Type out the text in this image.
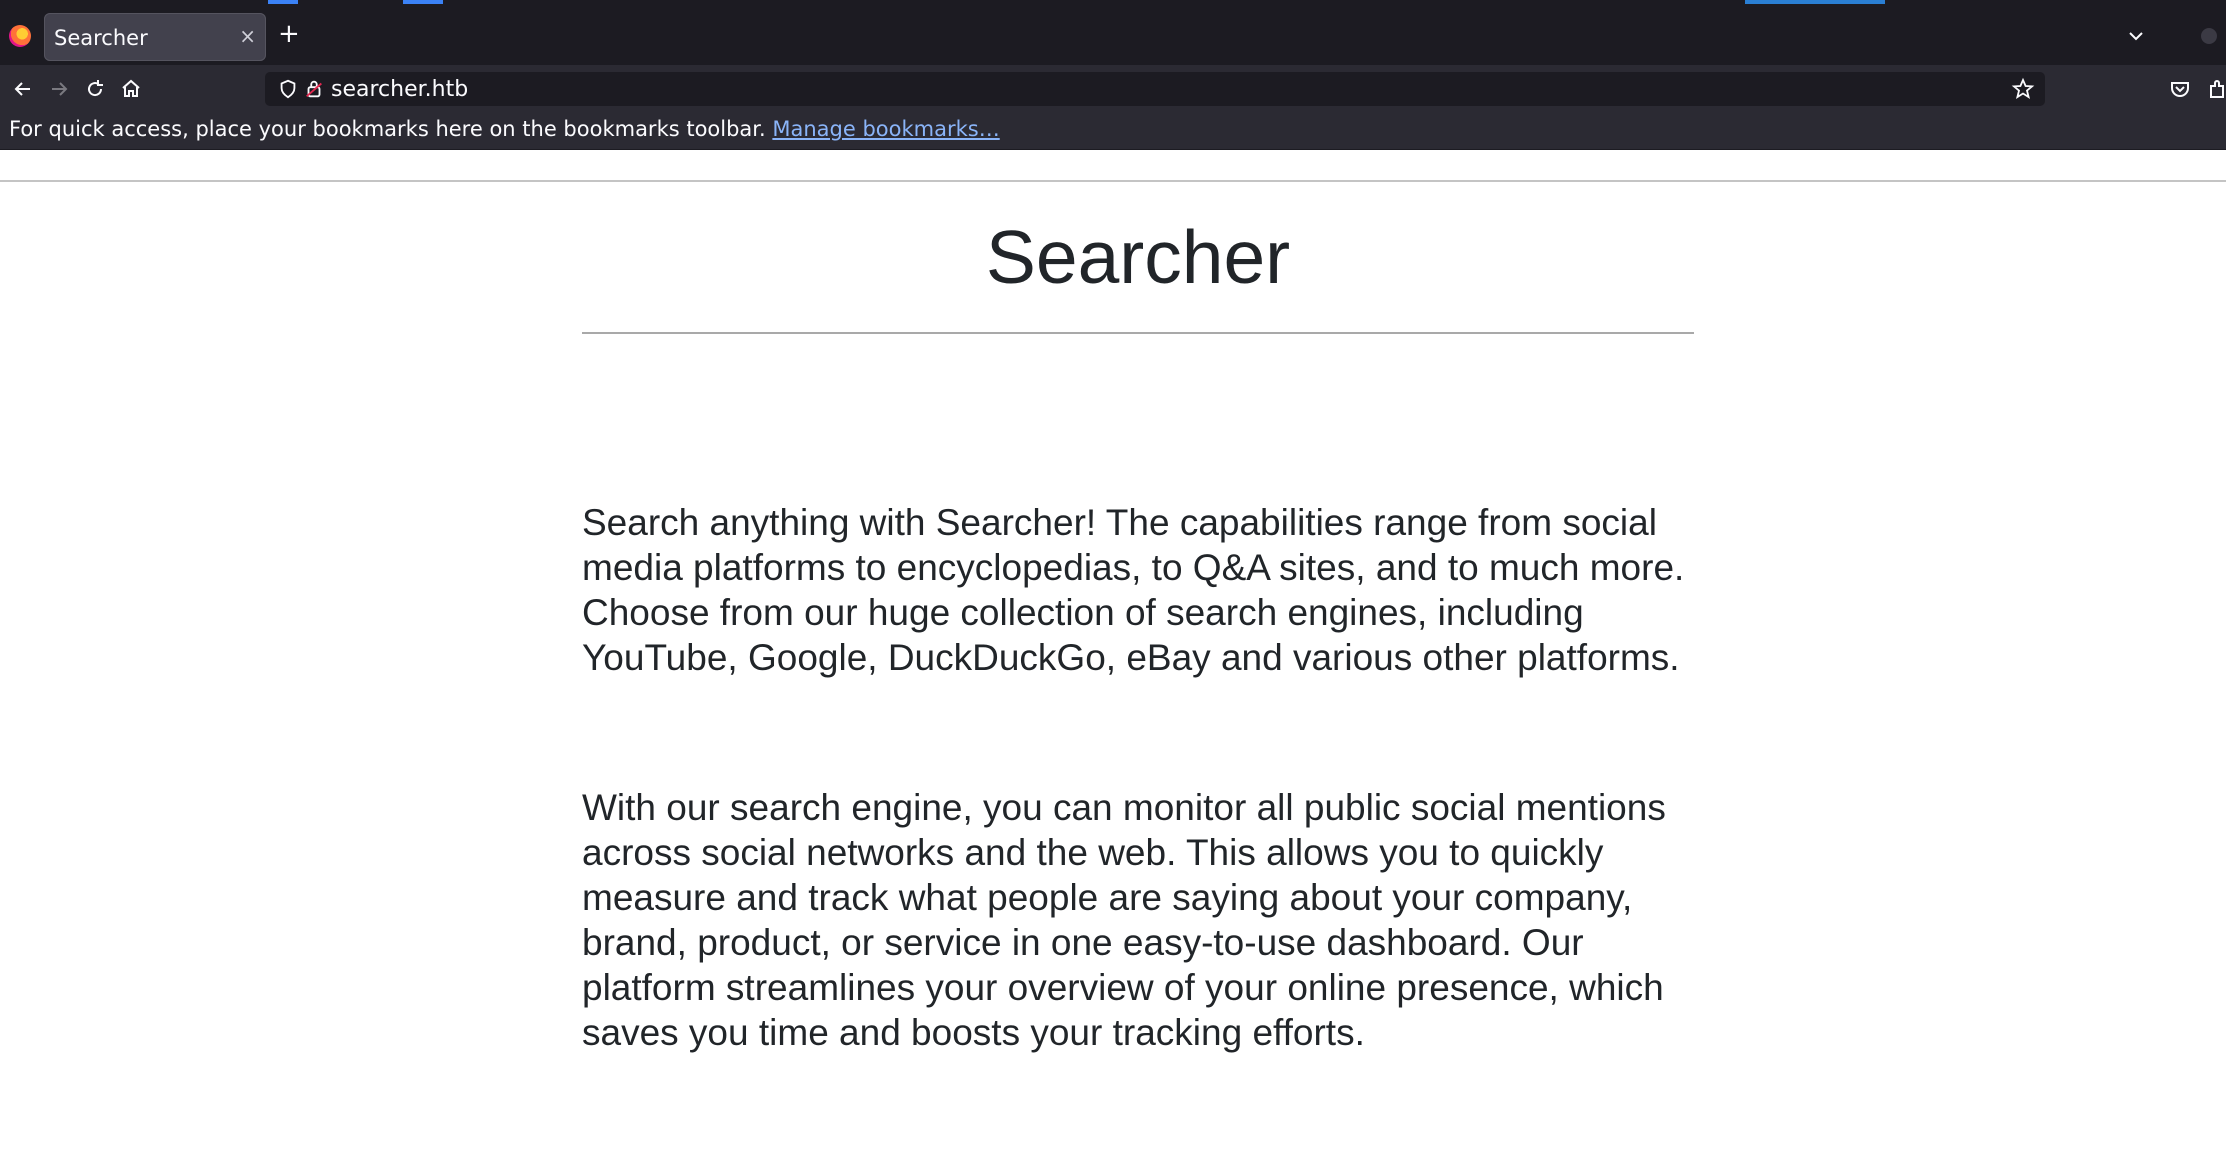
Searcher	× +
searcher.htb
For quick access, place your bookmarks here on the bookmarks toolbar. Manage bookmarks…
Searcher

Search anything with Searcher! The capabilities range from social media platforms to encyclopedias, to Q&A sites, and to much more. Choose from our huge collection of search engines, including YouTube, Google, DuckDuckGo, eBay and various other platforms.

With our search engine, you can monitor all public social mentions across social networks and the web. This allows you to quickly measure and track what people are saying about your company, brand, product, or service in one easy-to-use dashboard. Our platform streamlines your overview of your online presence, which saves you time and boosts your tracking efforts.
